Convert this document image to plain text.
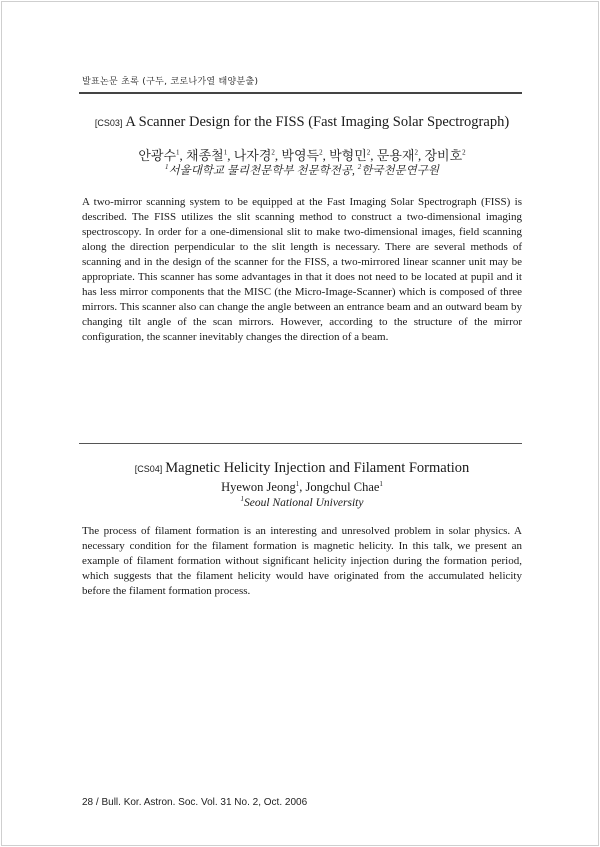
발표논문 초록 (구두, 코로나가열 태양분출)

[CS03] A Scanner Design for the FISS (Fast Imaging Solar Spectrograph)

안광수$^1$, 채종철$^1$, 나자경$^2$, 박영득$^2$, 박형민$^2$, 문용재$^2$, 장비호$^2$
$^1$서울대학교 물리천문학부 천문학전공, $^2$한국천문연구원

A two-mirror scanning system to be equipped at the Fast Imaging Solar Spectrograph (FISS) is described. The FISS utilizes the slit scanning method to construct a two-dimensional imaging spectroscopy. In order for a one-dimensional slit to make two-dimensional images, field scanning along the direction perpendicular to the slit length is necessary. There are several methods of scanning and in the design of the scanner for the FISS, a two-mirrored linear scanner unit may be appropriate. This scanner has some advantages in that it does not need to be located at pupil and it has less mirror components that the MISC (the Micro-Image-Scanner) which is composed of three mirrors. This scanner also can change the angle between an entrance beam and an outward beam by changing tilt angle of the scan mirrors. However, according to the structure of the mirror configuration, the scanner inevitably changes the direction of a beam.

[CS04] Magnetic Helicity Injection and Filament Formation

Hyewon Jeong$^1$, Jongchul Chae$^1$
$^1$Seoul National University

The process of filament formation is an interesting and unresolved problem in solar physics. A necessary condition for the filament formation is magnetic helicity. In this talk, we present an example of filament formation without significant helicity injection during the formation period, which suggests that the filament helicity would have originated from the accumulated helicity before the filament formation process.

28 / Bull. Kor. Astron. Soc. Vol. 31 No. 2, Oct. 2006
